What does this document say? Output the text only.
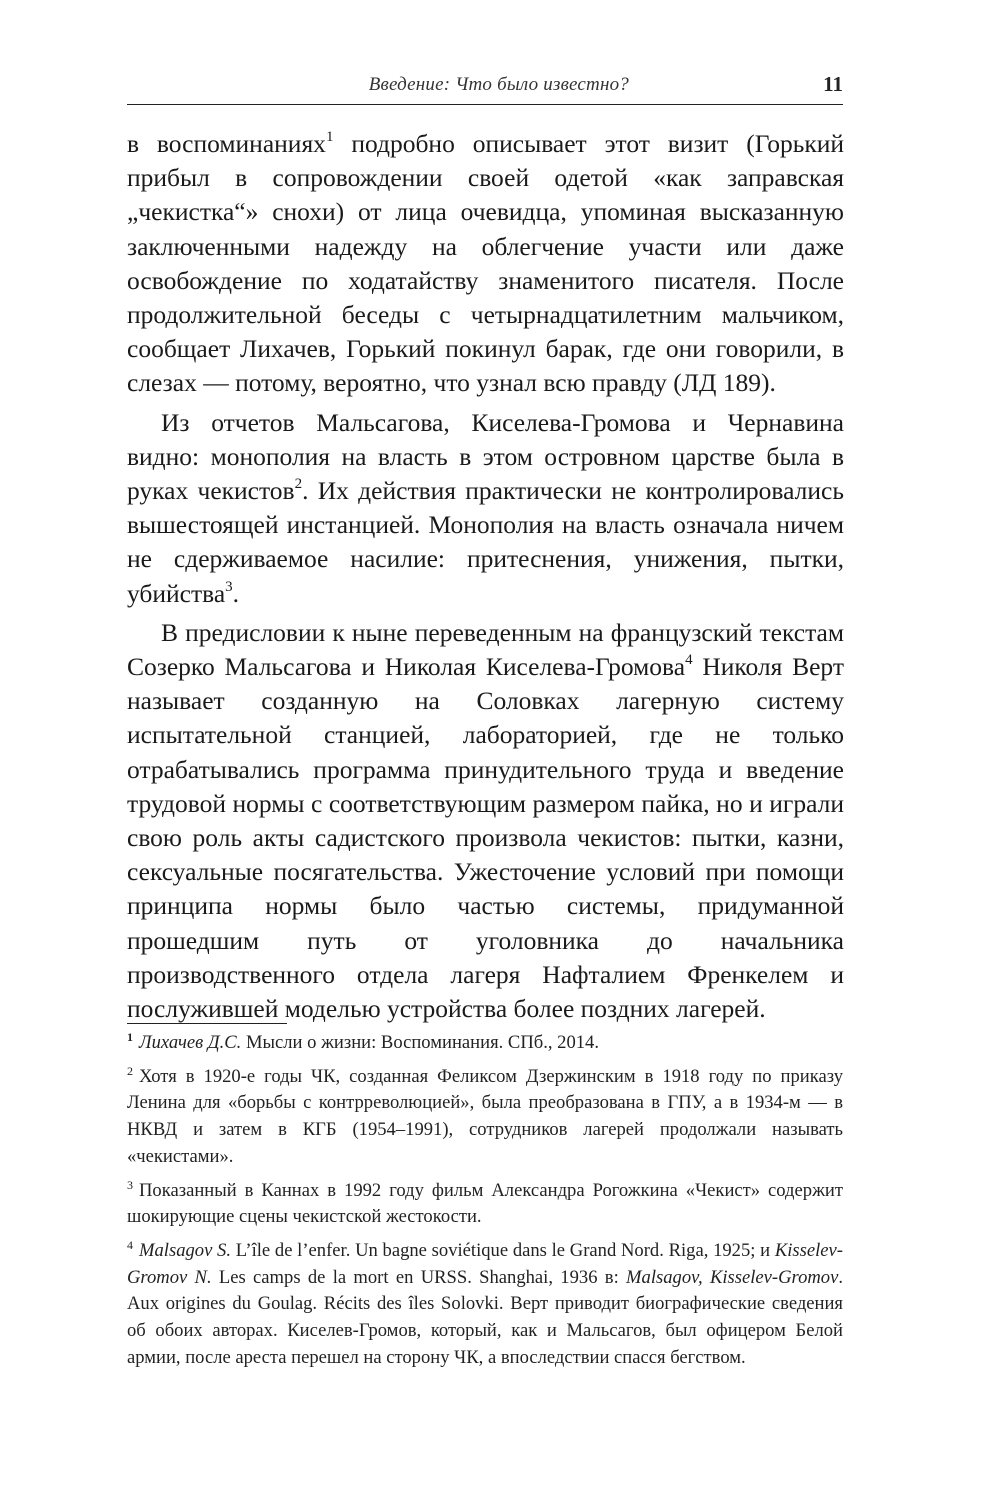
Введение: Что было известно?	11

в воспоминаниях$^1$ подробно описывает этот визит (Горький прибыл в сопровождении своей одетой «как заправская „чекистка“» снохи) от лица очевидца, упоминая высказанную заключенными надежду на облегчение участи или даже освобождение по ходатайству знаменитого писателя. После продолжительной беседы с четырнадцатилетним мальчиком, сообщает Лихачев, Горький покинул барак, где они говорили, в слезах — потому, вероятно, что узнал всю правду (ЛД 189).

Из отчетов Мальсагова, Киселева-Громова и Чернавина видно: монополия на власть в этом островном царстве была в руках чекистов$^2$. Их действия практически не контролировались вышестоящей инстанцией. Монополия на власть означала ничем не сдерживаемое насилие: притеснения, унижения, пытки, убийства$^3$.

В предисловии к ныне переведенным на французский текстам Созерко Мальсагова и Николая Киселева-Громова$^4$ Николя Верт называет созданную на Соловках лагерную систему испытательной станцией, лабораторией, где не только отрабатывались программа принудительного труда и введение трудовой нормы с соответствующим размером пайка, но и играли свою роль акты садистского произвола чекистов: пытки, казни, сексуальные посягательства. Ужесточение условий при помощи принципа нормы было частью системы, придуманной прошедшим путь от уголовника до начальника производственного отдела лагеря Нафталием Френкелем и послужившей моделью устройства более поздних лагерей.

$^1$ Лихачев Д.С. Мысли о жизни: Воспоминания. СПб., 2014.

$^2$ Хотя в 1920-е годы ЧК, созданная Феликсом Дзержинским в 1918 году по приказу Ленина для «борьбы с контрреволюцией», была преобразована в ГПУ, а в 1934-м — в НКВД и затем в КГБ (1954–1991), сотрудников лагерей продолжали называть «чекистами».

$^3$ Показанный в Каннах в 1992 году фильм Александра Рогожкина «Чекист» содержит шокирующие сцены чекистской жестокости.

$^4$ Malsagov S. L’île de l’enfer. Un bagne soviétique dans le Grand Nord. Riga, 1925; и Kisselev-Gromov N. Les camps de la mort en URSS. Shanghai, 1936 в: Malsagov, Kisselev-Gromov. Aux origines du Goulag. Récits des îles Solovki. Верт приводит биографические сведения об обоих авторах. Киселев-Громов, который, как и Мальсагов, был офицером Белой армии, после ареста перешел на сторону ЧК, а впоследствии спасся бегством.
